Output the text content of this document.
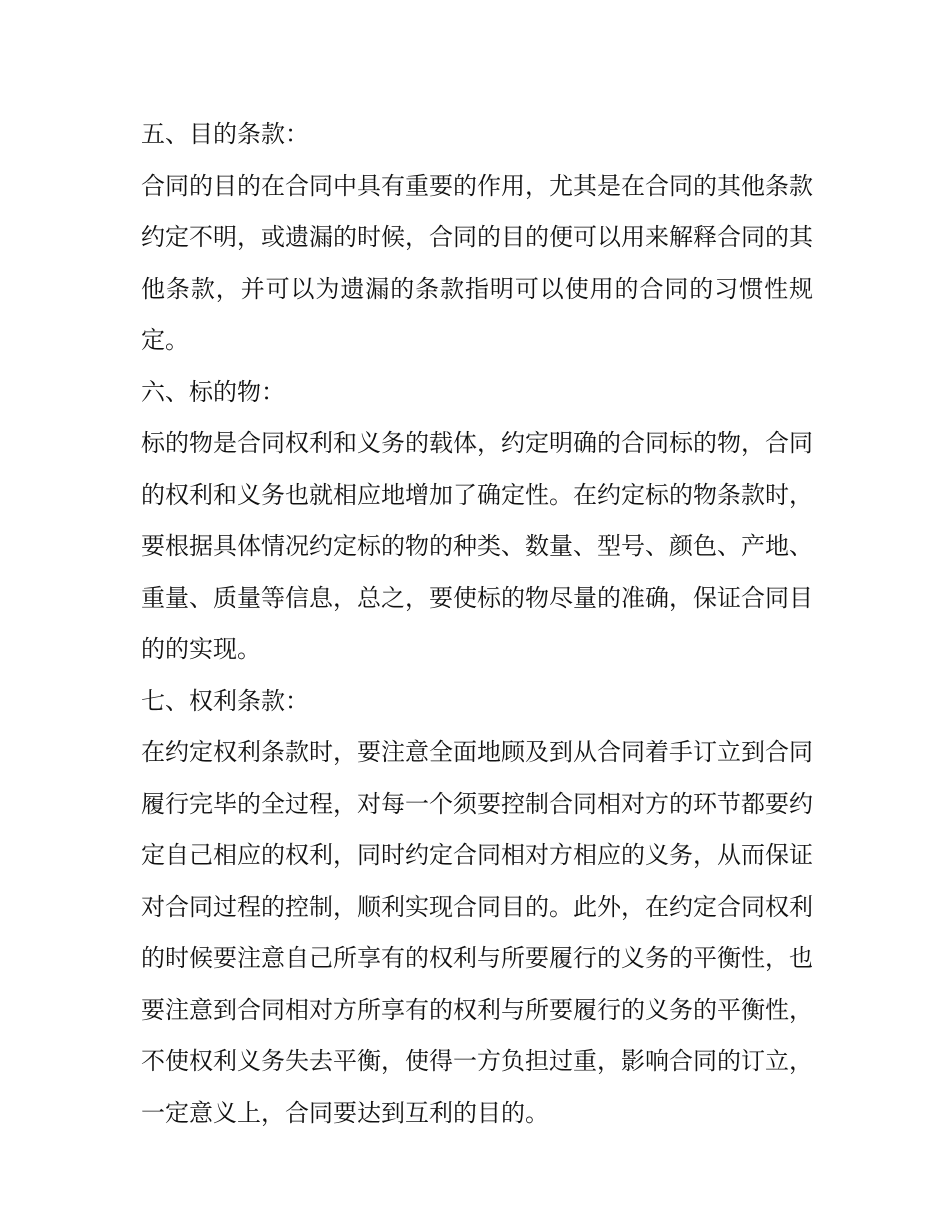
五、目的条款：

合同的目的在合同中具有重要的作用，尤其是在合同的其他条款约定不明，或遗漏的时候，合同的目的便可以用来解释合同的其他条款，并可以为遗漏的条款指明可以使用的合同的习惯性规定。

六、标的物：

标的物是合同权利和义务的载体，约定明确的合同标的物，合同的权利和义务也就相应地增加了确定性。在约定标的物条款时，要根据具体情况约定标的物的种类、数量、型号、颜色、产地、重量、质量等信息，总之，要使标的物尽量的准确，保证合同目的的实现。

七、权利条款：

在约定权利条款时，要注意全面地顾及到从合同着手订立到合同履行完毕的全过程，对每一个须要控制合同相对方的环节都要约定自己相应的权利，同时约定合同相对方相应的义务，从而保证对合同过程的控制，顺利实现合同目的。此外，在约定合同权利的时候要注意自己所享有的权利与所要履行的义务的平衡性，也要注意到合同相对方所享有的权利与所要履行的义务的平衡性，不使权利义务失去平衡，使得一方负担过重，影响合同的订立，一定意义上，合同要达到互利的目的。
